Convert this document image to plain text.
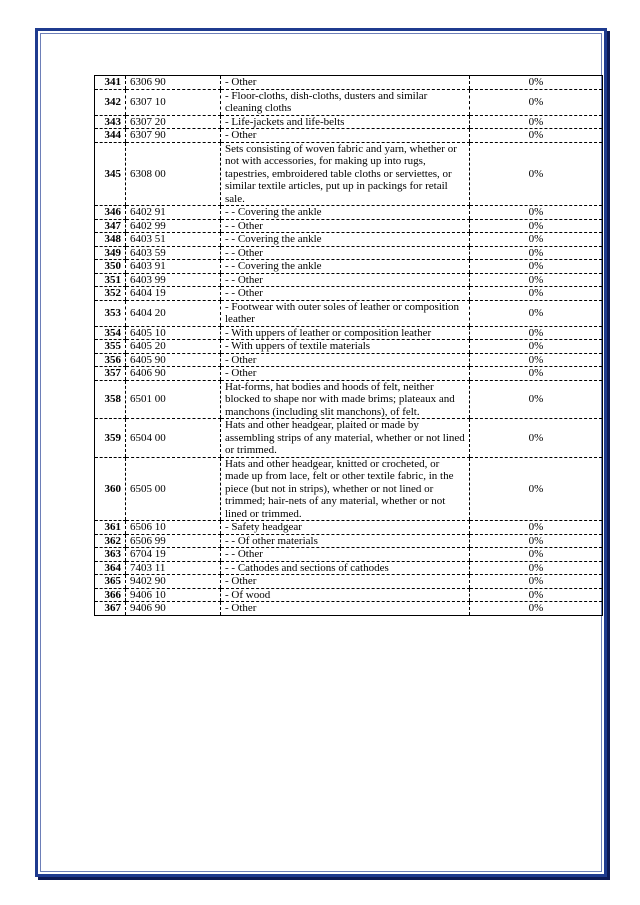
341	6306 90	- Other	0%
342	6307 10	- Floor-cloths, dish-cloths, dusters and similar cleaning cloths	0%
343	6307 20	- Life-jackets and life-belts	0%
344	6307 90	- Other	0%
345	6308 00	Sets consisting of woven fabric and yarn, whether or not with accessories, for making up into rugs, tapestries, embroidered table cloths or serviettes, or similar textile articles, put up in packings for retail sale.	0%
346	6402 91	- - Covering the ankle	0%
347	6402 99	- - Other	0%
348	6403 51	- - Covering the ankle	0%
349	6403 59	- - Other	0%
350	6403 91	- - Covering the ankle	0%
351	6403 99	- - Other	0%
352	6404 19	- - Other	0%
353	6404 20	- Footwear with outer soles of leather or composition leather	0%
354	6405 10	- With uppers of leather or composition leather	0%
355	6405 20	- With uppers of textile materials	0%
356	6405 90	- Other	0%
357	6406 90	- Other	0%
358	6501 00	Hat-forms, hat bodies and hoods of felt, neither blocked to shape nor with made brims; plateaux and manchons (including slit manchons), of felt.	0%
359	6504 00	Hats and other headgear, plaited or made by assembling strips of any material, whether or not lined or trimmed.	0%
360	6505 00	Hats and other headgear, knitted or crocheted, or made up from lace, felt or other textile fabric, in the piece (but not in strips), whether or not lined or trimmed; hair-nets of any material, whether or not lined or trimmed.	0%
361	6506 10	- Safety headgear	0%
362	6506 99	- - Of other materials	0%
363	6704 19	- - Other	0%
364	7403 11	- - Cathodes and sections of cathodes	0%
365	9402 90	- Other	0%
366	9406 10	- Of wood	0%
367	9406 90	- Other	0%
